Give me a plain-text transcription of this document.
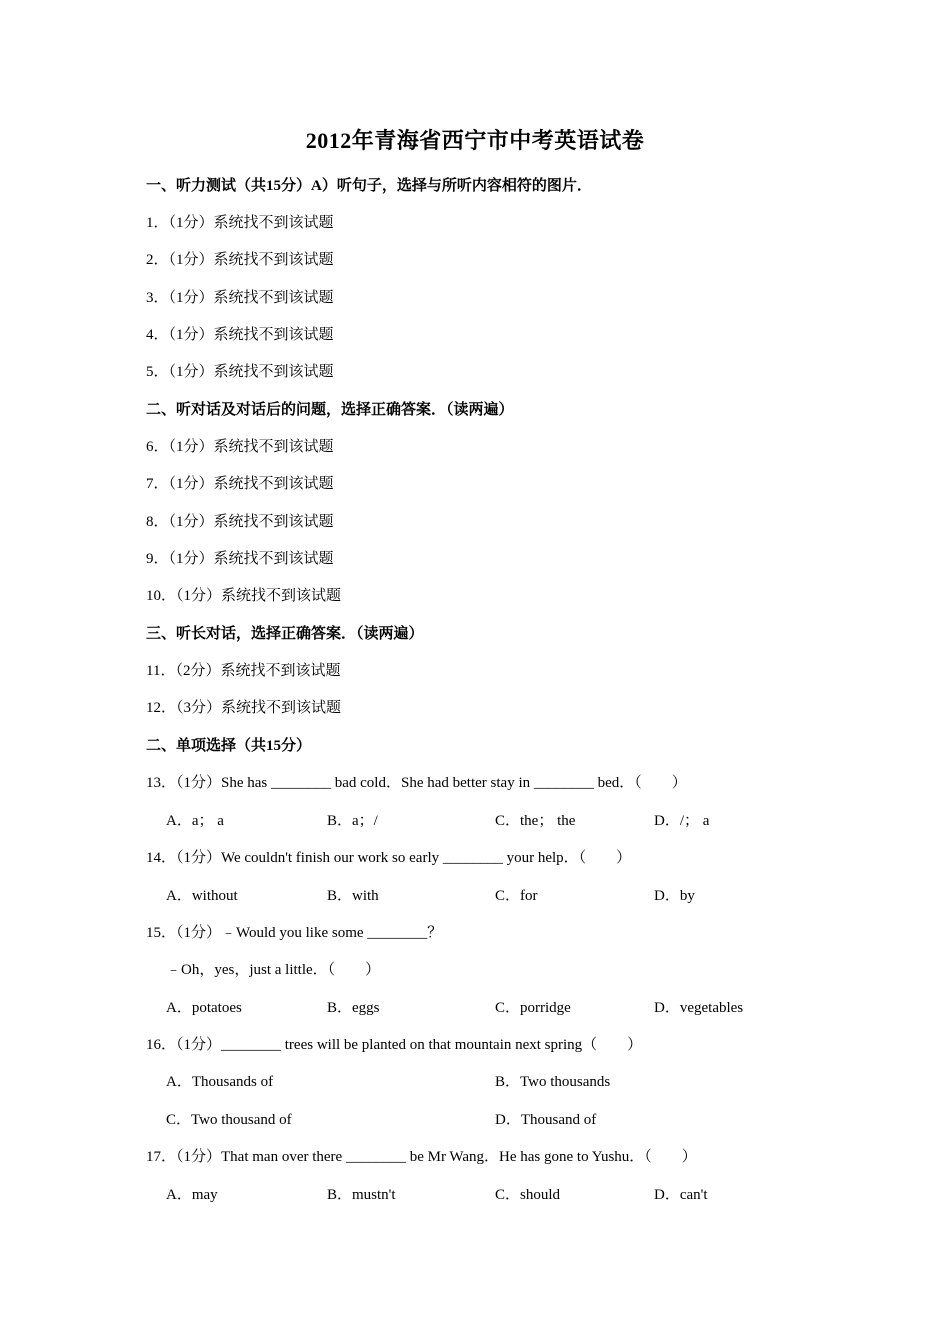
2012年青海省西宁市中考英语试卷
一、听力测试（共15分）A）听句子，选择与所听内容相符的图片．
1．（1分）系统找不到该试题
2．（1分）系统找不到该试题
3．（1分）系统找不到该试题
4．（1分）系统找不到该试题
5．（1分）系统找不到该试题
二、听对话及对话后的问题，选择正确答案．（读两遍）
6．（1分）系统找不到该试题
7．（1分）系统找不到该试题
8．（1分）系统找不到该试题
9．（1分）系统找不到该试题
10．（1分）系统找不到该试题
三、听长对话，选择正确答案．（读两遍）
11．（2分）系统找不到该试题
12．（3分）系统找不到该试题
二、单项选择（共15分）
13．（1分）She has ________ bad cold．She had better stay in ________ bed．（　　）
A．a； a	B．a；/	C．the； the	D．/； a
14．（1分）We couldn't finish our work so early ________ your help．（　　）
A．without	B．with	C．for	D．by
15．（1分）﹣Would you like some ________？
﹣Oh，yes，just a little．（　　）
A．potatoes	B．eggs	C．porridge	D．vegetables
16．（1分）________ trees will be planted on that mountain next spring（　　）
A．Thousands of	B．Two thousands
C．Two thousand of	D．Thousand of
17．（1分）That man over there ________ be Mr Wang．He has gone to Yushu．（　　）
A．may	B．mustn't	C．should	D．can't
